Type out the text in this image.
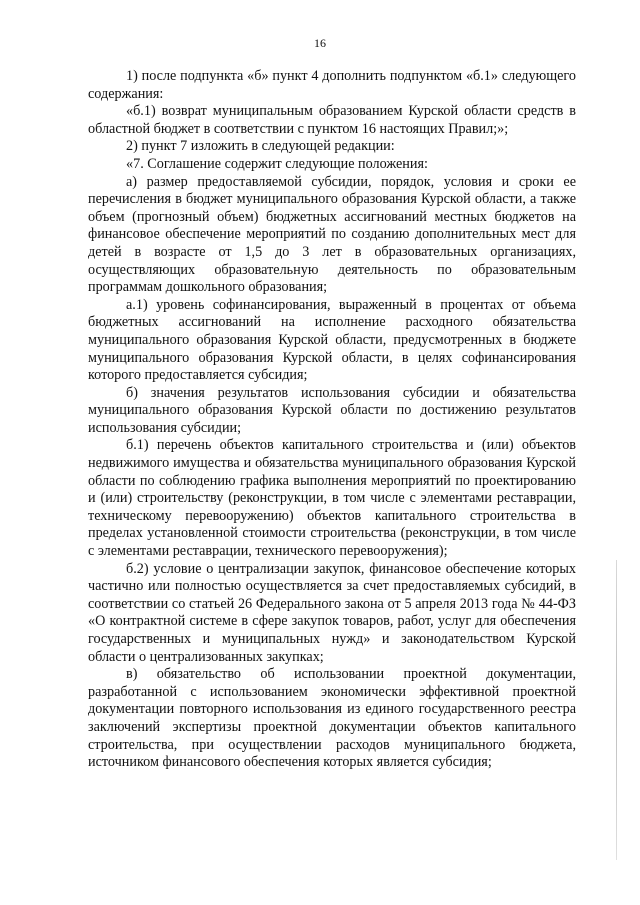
16

1) после подпункта «б» пункт 4 дополнить подпунктом «б.1» следующего содержания:

«б.1) возврат муниципальным образованием Курской области средств в областной бюджет в соответствии с пунктом 16 настоящих Правил;»;

2) пункт 7 изложить в следующей редакции:

«7. Соглашение содержит следующие положения:

а) размер предоставляемой субсидии, порядок, условия и сроки ее перечисления в бюджет муниципального образования Курской области, а также объем (прогнозный объем) бюджетных ассигнований местных бюджетов на финансовое обеспечение мероприятий по созданию дополнительных мест для детей в возрасте от 1,5 до 3 лет в образовательных организациях, осуществляющих образовательную деятельность по образовательным программам дошкольного образования;

а.1) уровень софинансирования, выраженный в процентах от объема бюджетных ассигнований на исполнение расходного обязательства муниципального образования Курской области, предусмотренных в бюджете муниципального образования Курской области, в целях софинансирования которого предоставляется субсидия;

б) значения результатов использования субсидии и обязательства муниципального образования Курской области по достижению результатов использования субсидии;

б.1) перечень объектов капитального строительства и (или) объектов недвижимого имущества и обязательства муниципального образования Курской области по соблюдению графика выполнения мероприятий по проектированию и (или) строительству (реконструкции, в том числе с элементами реставрации, техническому перевооружению) объектов капитального строительства в пределах установленной стоимости строительства (реконструкции, в том числе с элементами реставрации, технического перевооружения);

б.2) условие о централизации закупок, финансовое обеспечение которых частично или полностью осуществляется за счет предоставляемых субсидий, в соответствии со статьей 26 Федерального закона от 5 апреля 2013 года № 44-ФЗ «О контрактной системе в сфере закупок товаров, работ, услуг для обеспечения государственных и муниципальных нужд» и законодательством Курской области о централизованных закупках;

в) обязательство об использовании проектной документации, разработанной с использованием экономически эффективной проектной документации повторного использования из единого государственного реестра заключений экспертизы проектной документации объектов капитального строительства, при осуществлении расходов муниципального бюджета, источником финансового обеспечения которых является субсидия;
